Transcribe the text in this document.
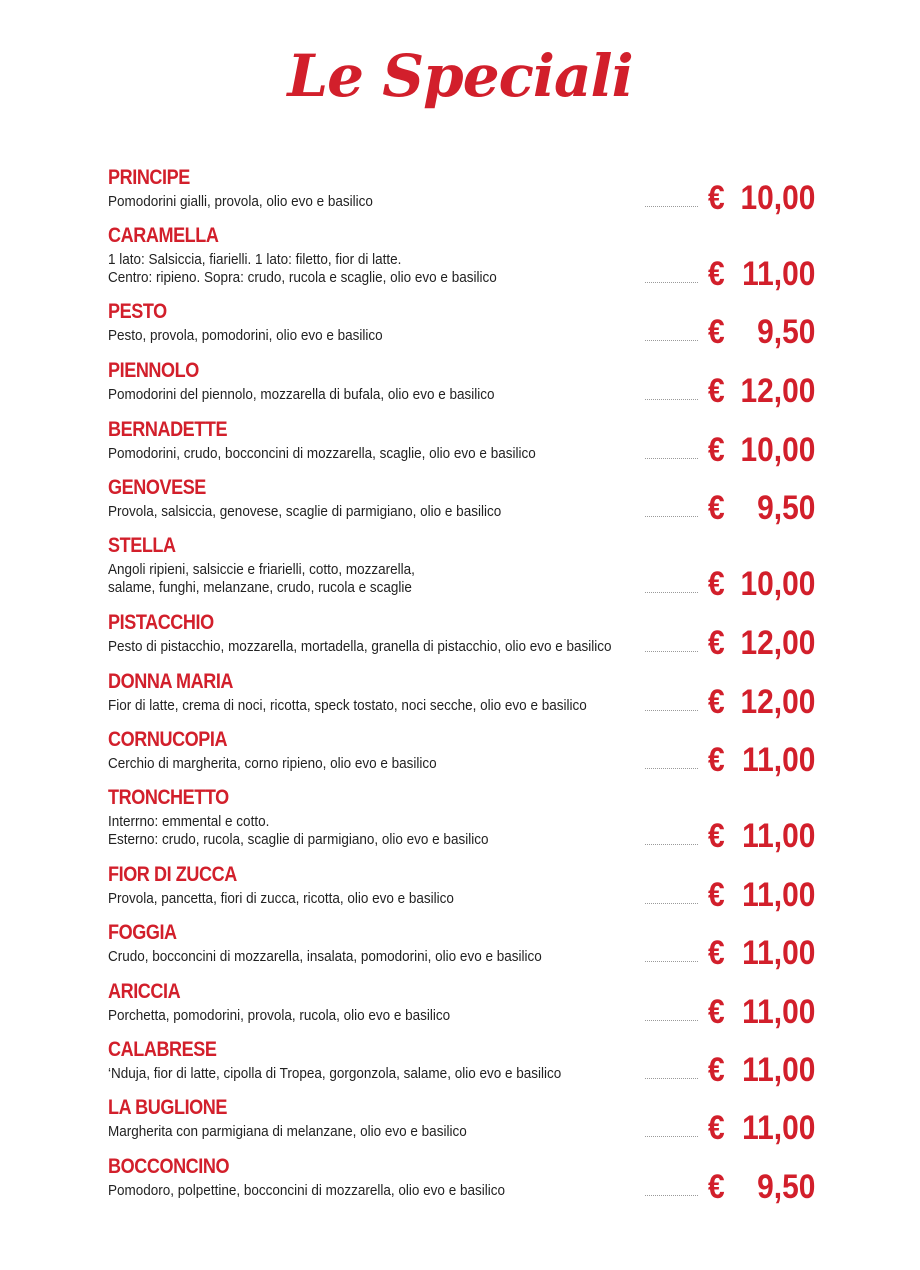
Le Speciali
PRINCIPE
Pomodorini gialli, provola, olio evo e basilico	€ 10,00
CARAMELLA
1 lato: Salsiccia, fiarielli. 1 lato: filetto, fior di latte.
Centro: ripieno. Sopra: crudo, rucola e scaglie, olio evo e basilico	€ 11,00
PESTO
Pesto, provola, pomodorini, olio evo e basilico	€ 9,50
PIENNOLO
Pomodorini del piennolo, mozzarella di bufala, olio evo e basilico	€ 12,00
BERNADETTE
Pomodorini, crudo, bocconcini di mozzarella, scaglie, olio evo e basilico	€ 10,00
GENOVESE
Provola, salsiccia, genovese, scaglie di parmigiano, olio e basilico	€ 9,50
STELLA
Angoli ripieni, salsiccie e friarielli, cotto, mozzarella,
salame, funghi, melanzane, crudo, rucola e scaglie	€ 10,00
PISTACCHIO
Pesto di pistacchio, mozzarella, mortadella, granella di pistacchio, olio evo e basilico	€ 12,00
DONNA MARIA
Fior di latte, crema di noci, ricotta, speck tostato, noci secche, olio evo e basilico	€ 12,00
CORNUCOPIA
Cerchio di margherita, corno ripieno, olio evo e basilico	€ 11,00
TRONCHETTO
Interrno: emmental e cotto.
Esterno: crudo, rucola, scaglie di parmigiano, olio evo e basilico	€ 11,00
FIOR DI ZUCCA
Provola, pancetta, fiori di zucca, ricotta, olio evo e basilico	€ 11,00
FOGGIA
Crudo, bocconcini di mozzarella, insalata, pomodorini, olio evo e basilico	€ 11,00
ARICCIA
Porchetta, pomodorini, provola, rucola, olio evo e basilico	€ 11,00
CALABRESE
‘Nduja, fior di latte, cipolla di Tropea, gorgonzola, salame, olio evo e basilico	€ 11,00
LA BUGLIONE
Margherita con parmigiana di melanzane, olio evo e basilico	€ 11,00
BOCCONCINO
Pomodoro, polpettine, bocconcini di mozzarella, olio evo e basilico	€ 9,50
